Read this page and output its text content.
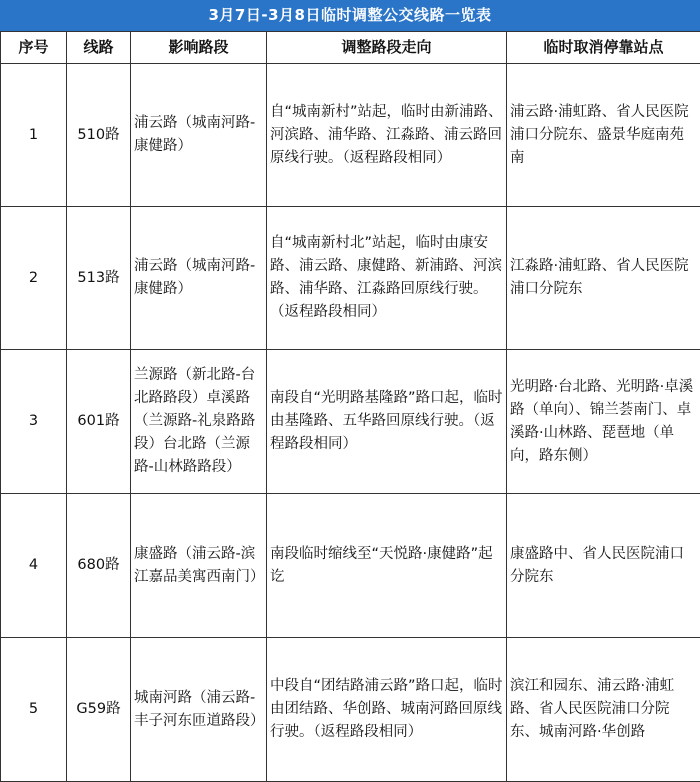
3月7日-3月8日临时调整公交线路一览表
序号	线路	影响路段	调整路段走向	临时取消停靠站点
1	510路	浦云路（城南河路-康健路）	自“城南新村”站起，临时由新浦路、河滨路、浦华路、江淼路、浦云路回原线行驶。（返程路段相同）	浦云路·浦虹路、省人民医院浦口分院东、盛景华庭南苑南
2	513路	浦云路（城南河路-康健路）	自“城南新村北”站起，临时由康安路、浦云路、康健路、新浦路、河滨路、浦华路、江淼路回原线行驶。（返程路段相同）	江淼路·浦虹路、省人民医院浦口分院东
3	601路	兰源路（新北路-台北路路段）卓溪路（兰源路-礼泉路路段）台北路（兰源路-山林路路段）	南段自“光明路基隆路”路口起，临时由基隆路、五华路回原线行驶。（返程路段相同）	光明路·台北路、光明路·卓溪路（单向）、锦兰荟南门、卓溪路·山林路、琵琶地（单向，路东侧）
4	680路	康盛路（浦云路-滨江嘉品美寓西南门）	南段临时缩线至“天悦路·康健路”起讫	康盛路中、省人民医院浦口分院东
5	G59路	城南河路（浦云路-丰子河东匝道路段）	中段自“团结路浦云路”路口起，临时由团结路、华创路、城南河路回原线行驶。（返程路段相同）	滨江和园东、浦云路·浦虹路、省人民医院浦口分院东、城南河路·华创路
